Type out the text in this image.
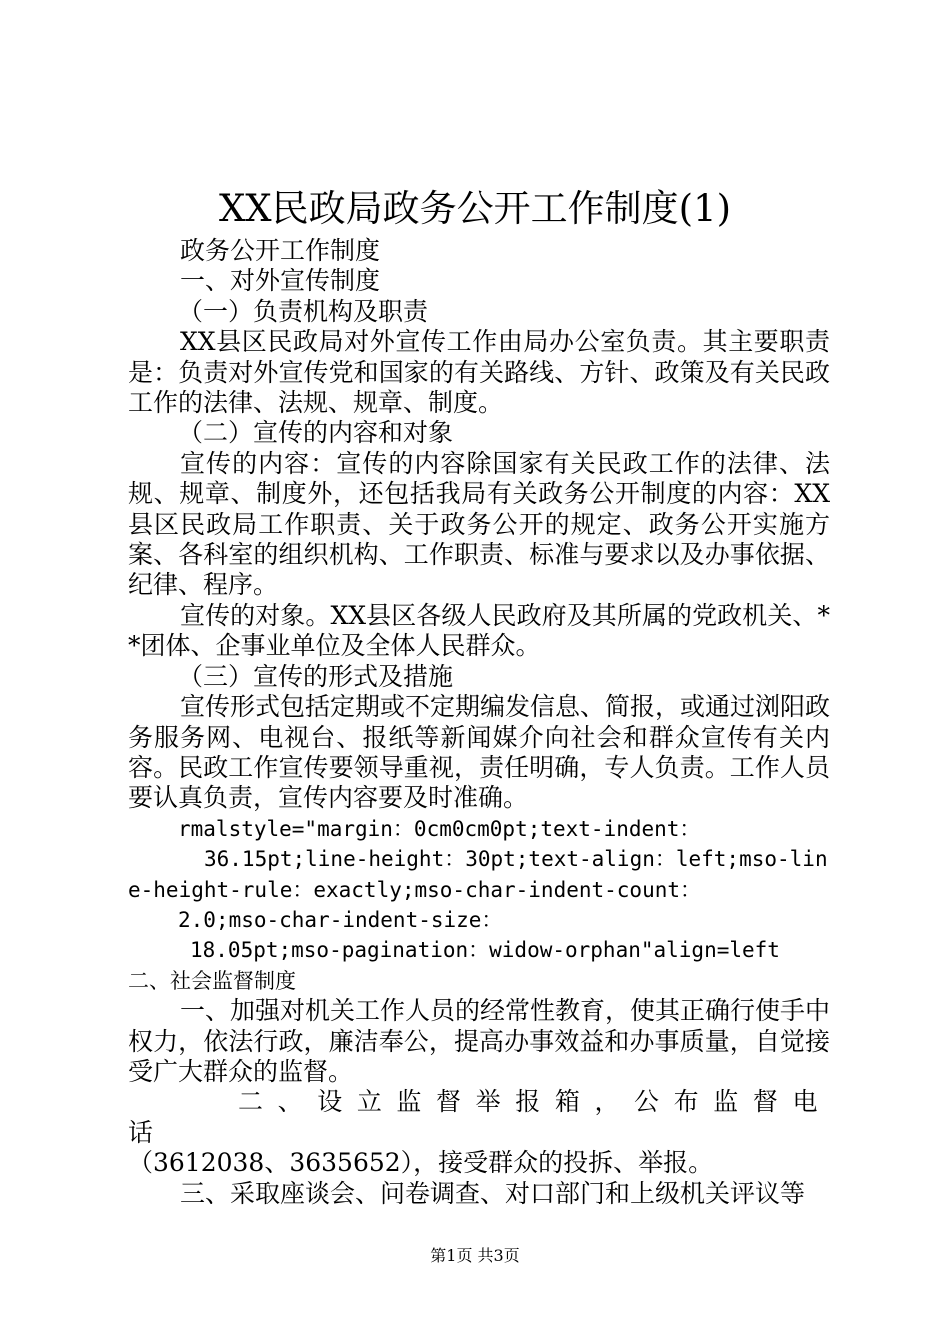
XX民政局政务公开工作制度(1)

政务公开工作制度

一、对外宣传制度

（一）负责机构及职责

XX县区民政局对外宣传工作由局办公室负责。其主要职责是：负责对外宣传党和国家的有关路线、方针、政策及有关民政工作的法律、法规、规章、制度。

（二）宣传的内容和对象

宣传的内容：宣传的内容除国家有关民政工作的法律、法规、规章、制度外，还包括我局有关政务公开制度的内容：XX县区民政局工作职责、关于政务公开的规定、政务公开实施方案、各科室的组织机构、工作职责、标准与要求以及办事依据、纪律、程序。

宣传的对象。XX县区各级人民政府及其所属的党政机关、**团体、企事业单位及全体人民群众。

（三）宣传的形式及措施

宣传形式包括定期或不定期编发信息、简报，或通过浏阳政务服务网、电视台、报纸等新闻媒介向社会和群众宣传有关内容。民政工作宣传要领导重视，责任明确，专人负责。工作人员要认真负责，宣传内容要及时准确。

rmalstyle="margin：0cm0cm0pt;text-indent：

36.15pt;line-height：30pt;text-align：left;mso-line-height-rule：exactly;mso-char-indent-count：

2.0;mso-char-indent-size：

18.05pt;mso-pagination：widow-orphan"align=left 二、社会监督制度

一、加强对机关工作人员的经常性教育，使其正确行使手中权力，依法行政，廉洁奉公，提高办事效益和办事质量，自觉接受广大群众的监督。

二、设立监督举报箱，公布监督电话

（3612038、3635652），接受群众的投拆、举报。

三、采取座谈会、问卷调查、对口部门和上级机关评议等

第1页 共3页
